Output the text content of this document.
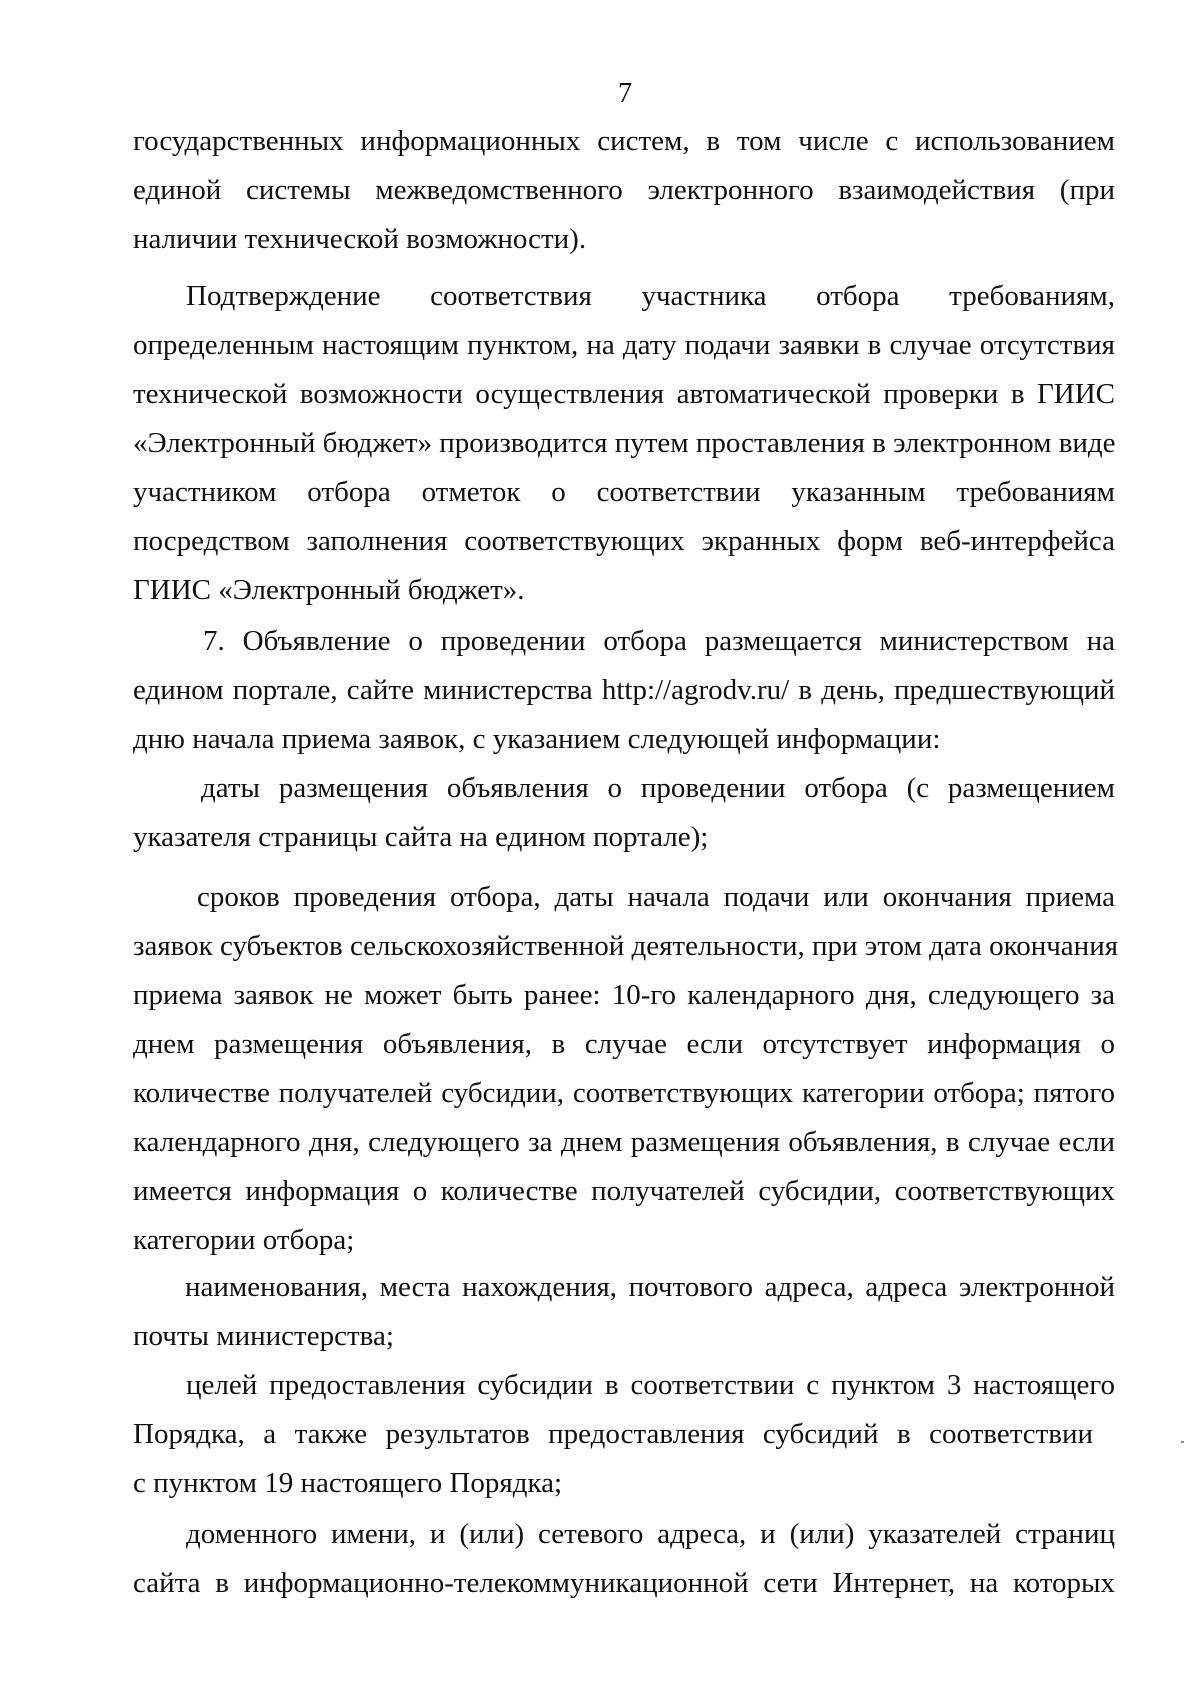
7
государственных информационных систем, в том числе с использованием
единой системы межведомственного электронного взаимодействия (при
наличии технической возможности).
Подтверждение соответствия участника отбора требованиям,
определенным настоящим пунктом, на дату подачи заявки в случае отсутствия
технической возможности осуществления автоматической проверки в ГИИС
«Электронный бюджет» производится путем проставления в электронном виде
участником отбора отметок о соответствии указанным требованиям
посредством заполнения соответствующих экранных форм веб-интерфейса
ГИИС «Электронный бюджет».
7. Объявление о проведении отбора размещается министерством на
едином портале, сайте министерства http://agrodv.ru/ в день, предшествующий
дню начала приема заявок, с указанием следующей информации:
даты размещения объявления о проведении отбора (с размещением
указателя страницы сайта на едином портале);
сроков проведения отбора, даты начала подачи или окончания приема
заявок субъектов сельскохозяйственной деятельности, при этом дата окончания
приема заявок не может быть ранее: 10-го календарного дня, следующего за
днем размещения объявления, в случае если отсутствует информация о
количестве получателей субсидии, соответствующих категории отбора; пятого
календарного дня, следующего за днем размещения объявления, в случае если
имеется информация о количестве получателей субсидии, соответствующих
категории отбора;
наименования, места нахождения, почтового адреса, адреса электронной
почты министерства;
целей предоставления субсидии в соответствии с пунктом 3 настоящего
Порядка, а также результатов предоставления субсидий в соответствии
с пунктом 19 настоящего Порядка;
доменного имени, и (или) сетевого адреса, и (или) указателей страниц
сайта в информационно-телекоммуникационной сети Интернет, на которых
